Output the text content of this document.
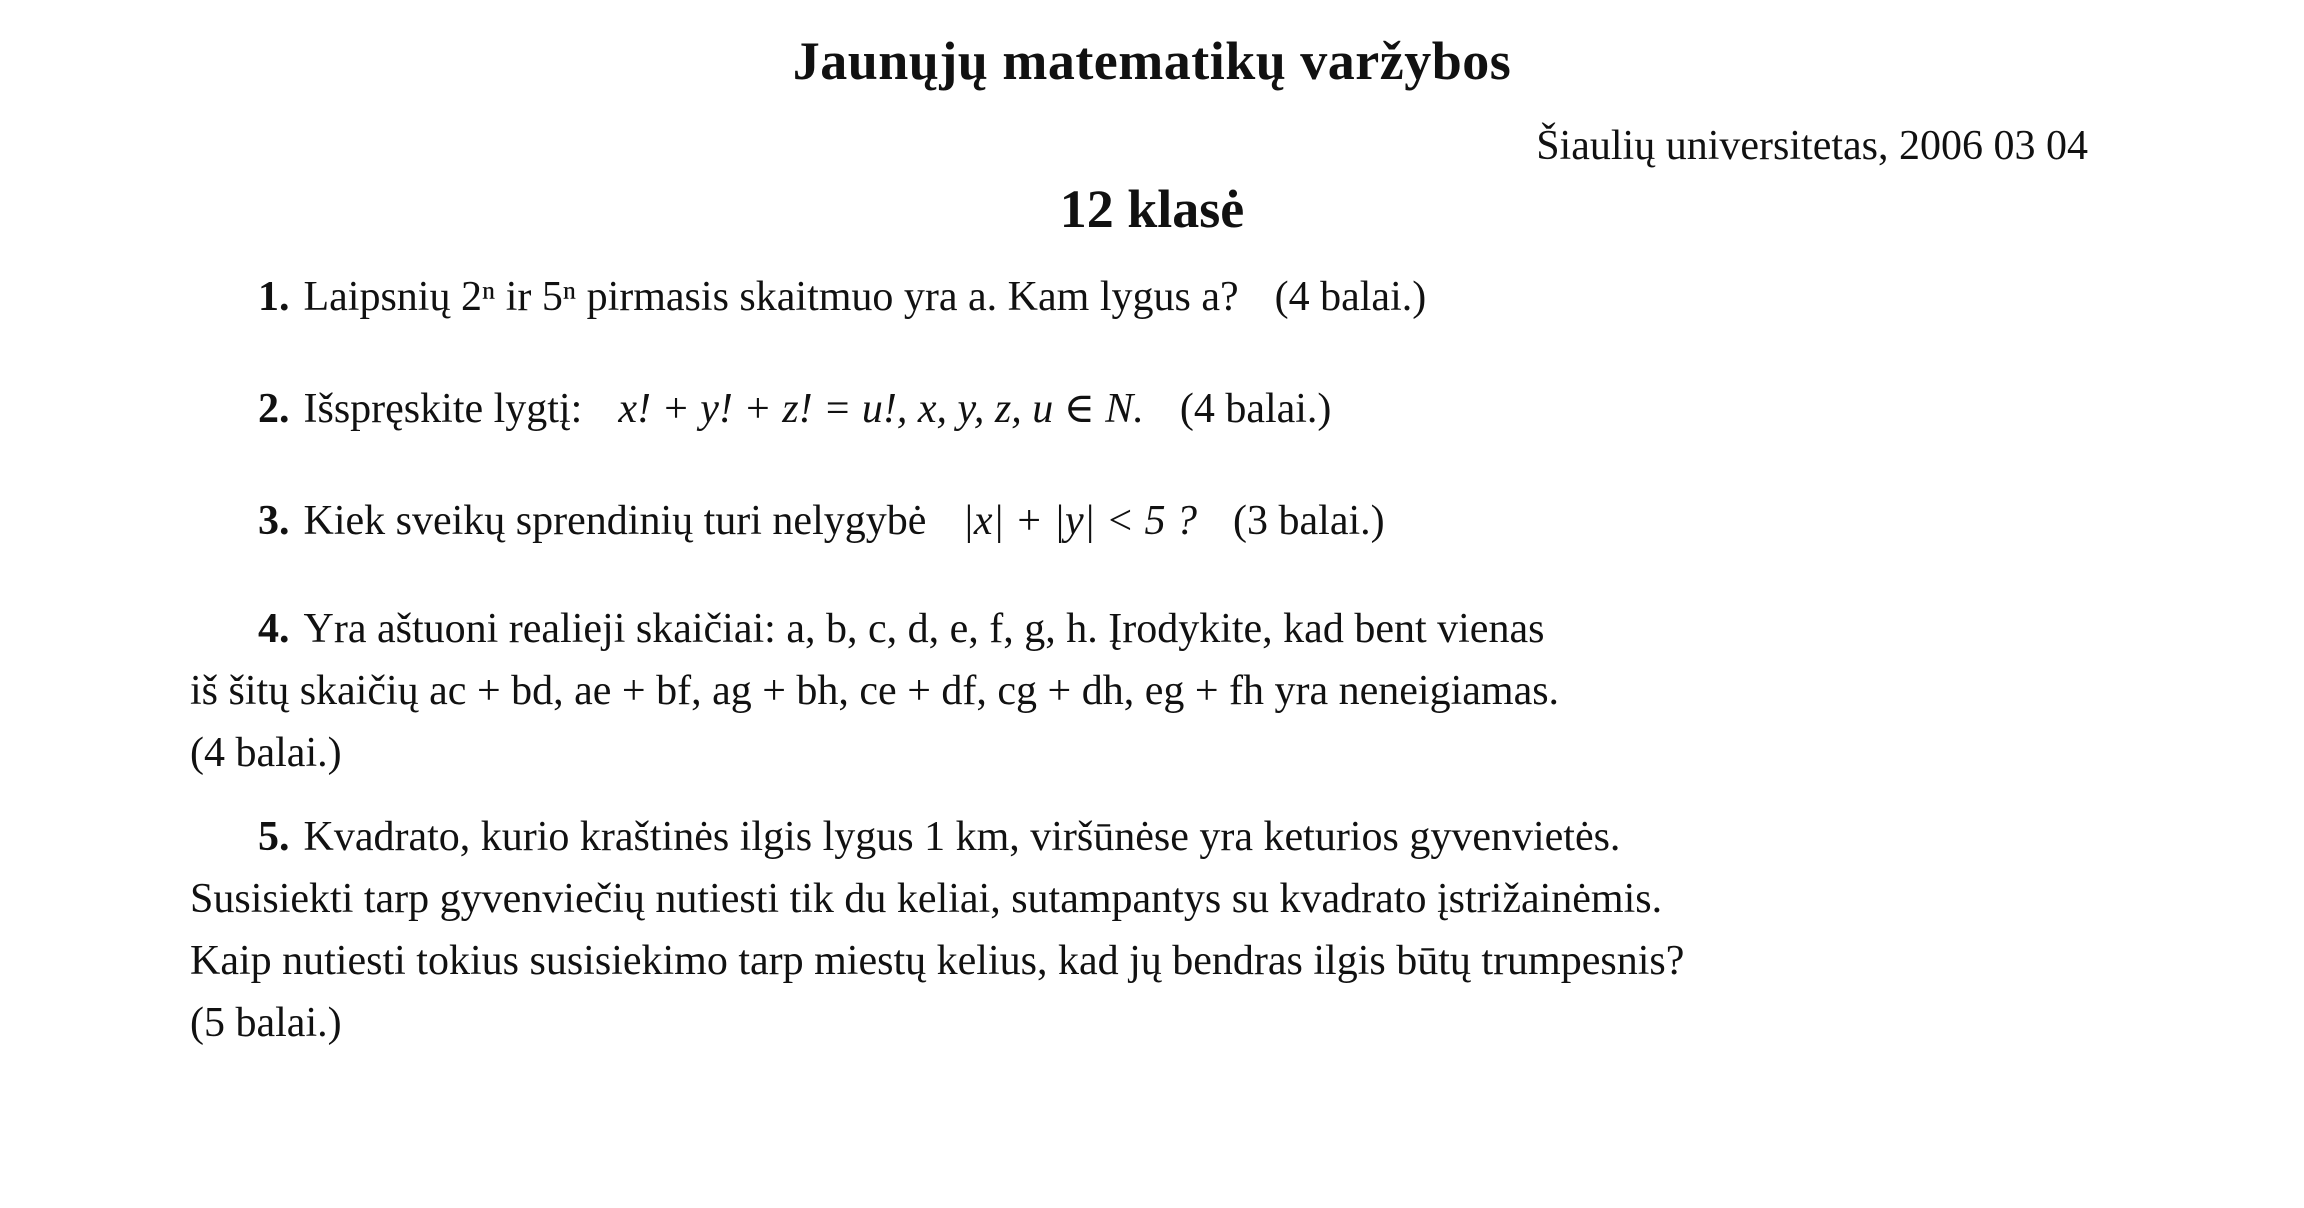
Jaunųjų matematikų varžybos
Šiaulių universitetas, 2006 03 04
12 klasė
1. Laipsnių 2ⁿ ir 5ⁿ pirmasis skaitmuo yra a. Kam lygus a? (4 balai.)
2. Išspręskite lygtį: x! + y! + z! = u!, x, y, z, u ∈ N. (4 balai.)
3. Kiek sveikų sprendinių turi nelygybė |x| + |y| < 5 ? (3 balai.)

4. Yra aštuoni realieji skaičiai: a, b, c, d, e, f, g, h. Įrodykite, kad bent vienas

iš šitų skaičių ac + bd, ae + bf, ag + bh, ce + df, cg + dh, eg + fh yra neneigiamas.

(4 balai.)

5. Kvadrato, kurio kraštinės ilgis lygus 1 km, viršūnėse yra keturios gyvenvietės.

Susisiekti tarp gyvenviečių nutiesti tik du keliai, sutampantys su kvadrato įstrižainėmis.

Kaip nutiesti tokius susisiekimo tarp miestų kelius, kad jų bendras ilgis būtų trumpesnis?

(5 balai.)
